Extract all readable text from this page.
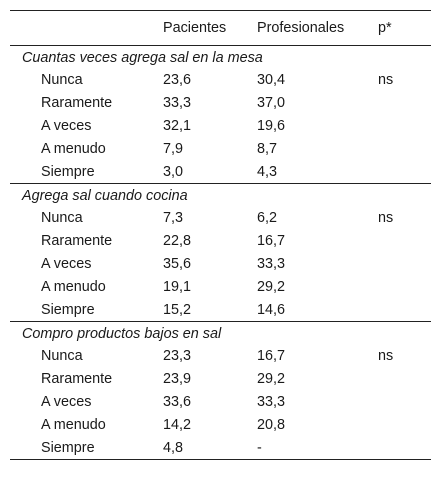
	Pacientes	Profesionales	p*
Cuantas veces agrega sal en la mesa			
Nunca	23,6	30,4	ns
Raramente	33,3	37,0	
A veces	32,1	19,6	
A menudo	7,9	8,7	
Siempre	3,0	4,3	
Agrega sal cuando cocina			
Nunca	7,3	6,2	ns
Raramente	22,8	16,7	
A veces	35,6	33,3	
A menudo	19,1	29,2	
Siempre	15,2	14,6	
Compro productos bajos en sal			
Nunca	23,3	16,7	ns
Raramente	23,9	29,2	
A veces	33,6	33,3	
A menudo	14,2	20,8	
Siempre	4,8	-	
